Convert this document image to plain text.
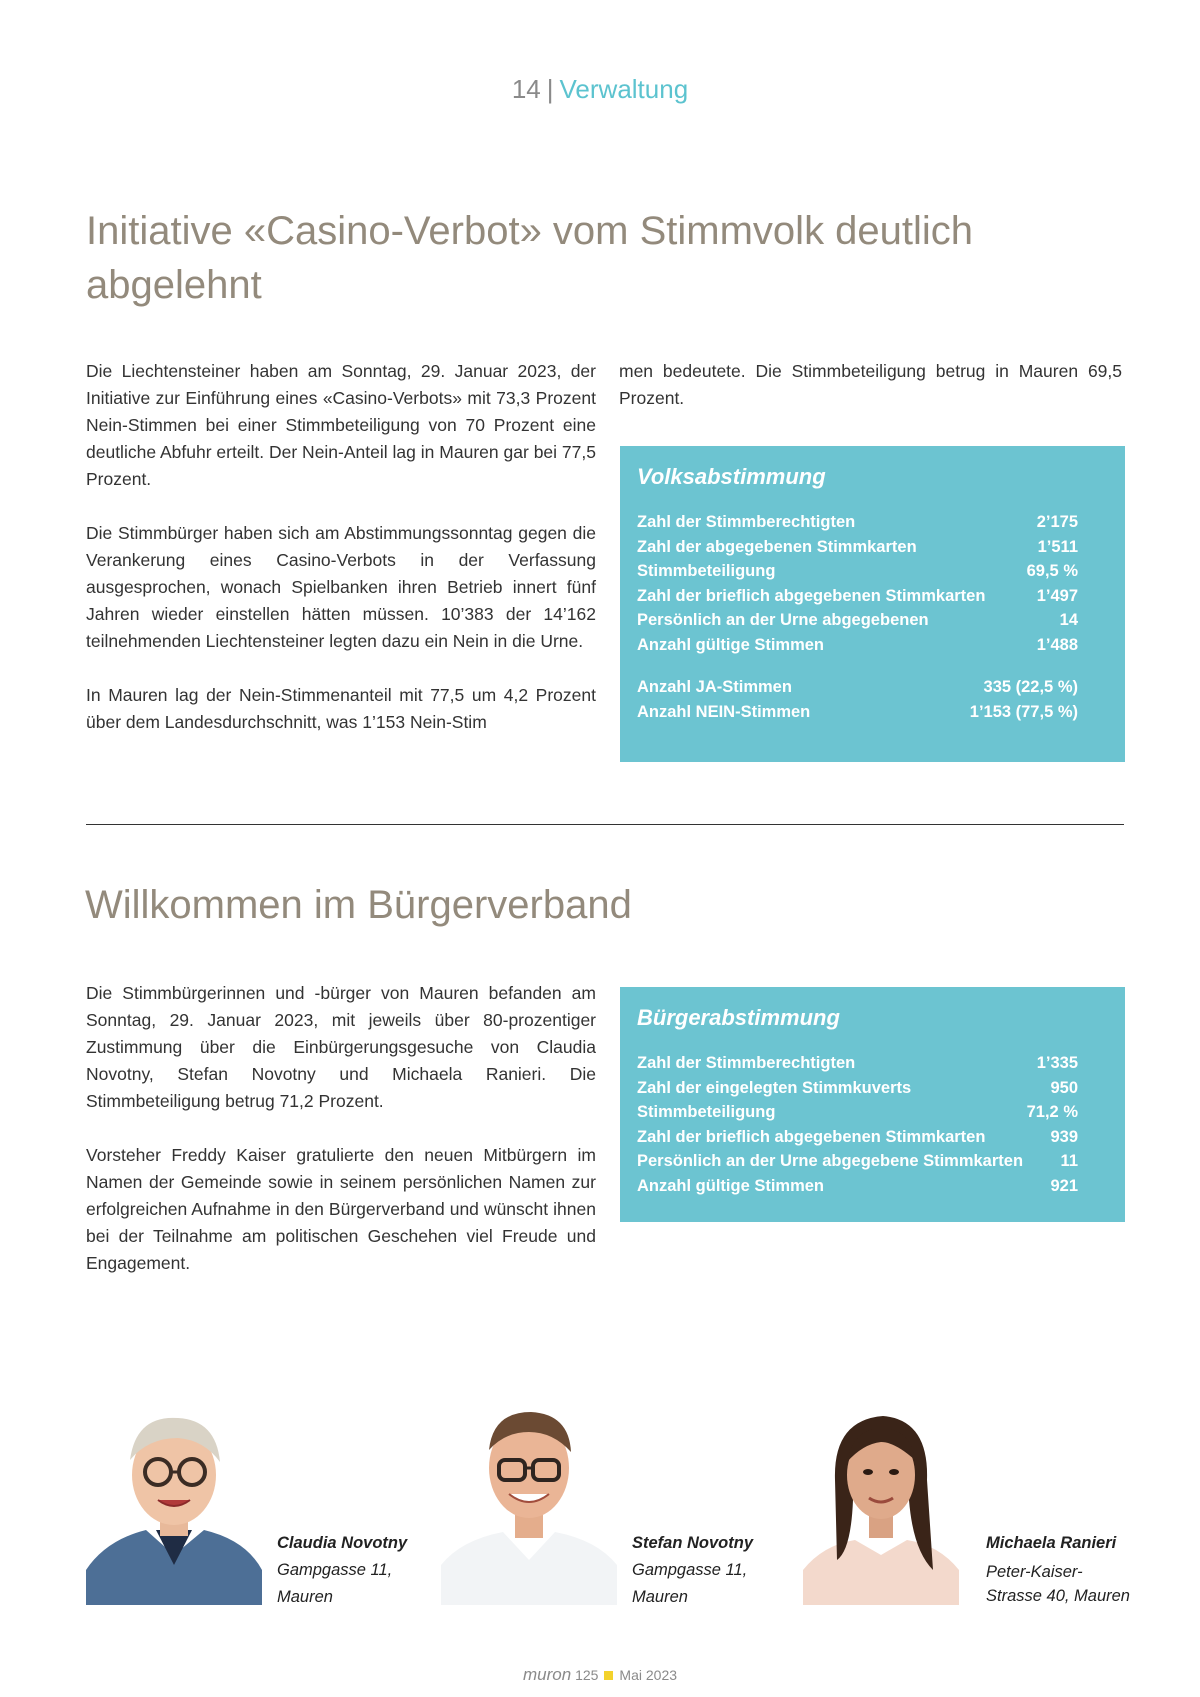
14 | Verwaltung
Initiative «Casino-Verbot» vom Stimmvolk deutlich abgelehnt

Die Liechtensteiner haben am Sonntag, 29. Januar 2023, der Initiative zur Einführung eines «Casino-Verbots» mit 73,3 Prozent Nein-Stimmen bei einer Stimmbeteiligung von 70 Prozent eine deutliche Abfuhr erteilt. Der Nein-Anteil lag in Mauren gar bei 77,5 Prozent.

Die Stimmbürger haben sich am Abstimmungssonntag gegen die Verankerung eines Casino-Verbots in der Verfassung ausgesprochen, wonach Spielbanken ihren Betrieb innert fünf Jahren wieder einstellen hätten müssen. 10’383 der 14’162 teilnehmenden Liechtensteiner legten dazu ein Nein in die Urne.

In Mauren lag der Nein-Stimmenanteil mit 77,5 um 4,2 Prozent über dem Landesdurchschnitt, was 1’153 Nein-Stim

men bedeutete. Die Stimmbeteiligung betrug in Mauren 69,5 Prozent.

Volksabstimmung
Zahl der Stimmberechtigten	2’175
Zahl der abgegebenen Stimmkarten	1’511
Stimmbeteiligung	69,5 %
Zahl der brieflich abgegebenen Stimmkarten	1’497
Persönlich an der Urne abgegebenen	14
Anzahl gültige Stimmen	1’488
Anzahl JA-Stimmen	335 (22,5 %)
Anzahl NEIN-Stimmen	1’153 (77,5 %)
Willkommen im Bürgerverband

Die Stimmbürgerinnen und -bürger von Mauren befanden am Sonntag, 29. Januar 2023, mit jeweils über 80-prozentiger Zustimmung über die Einbürgerungsgesuche von Claudia Novotny, Stefan Novotny und Michaela Ranieri. Die Stimmbeteiligung betrug 71,2 Prozent.

Vorsteher Freddy Kaiser gratulierte den neuen Mitbürgern im Namen der Gemeinde sowie in seinem persönlichen Namen zur erfolgreichen Aufnahme in den Bürgerverband und wünscht ihnen bei der Teilnahme am politischen Geschehen viel Freude und Engagement.

Bürgerabstimmung
Zahl der Stimmberechtigten	1’335
Zahl der eingelegten Stimmkuverts	950
Stimmbeteiligung	71,2 %
Zahl der brieflich abgegebenen Stimmkarten	939
Persönlich an der Urne abgegebene Stimmkarten 11
Anzahl gültige Stimmen	921
Claudia Novotny
Gampgasse 11,
Mauren
Stefan Novotny
Gampgasse 11,
Mauren
Michaela Ranieri
Peter-Kaiser-
Strasse 40, Mauren
muron 125 Mai 2023
